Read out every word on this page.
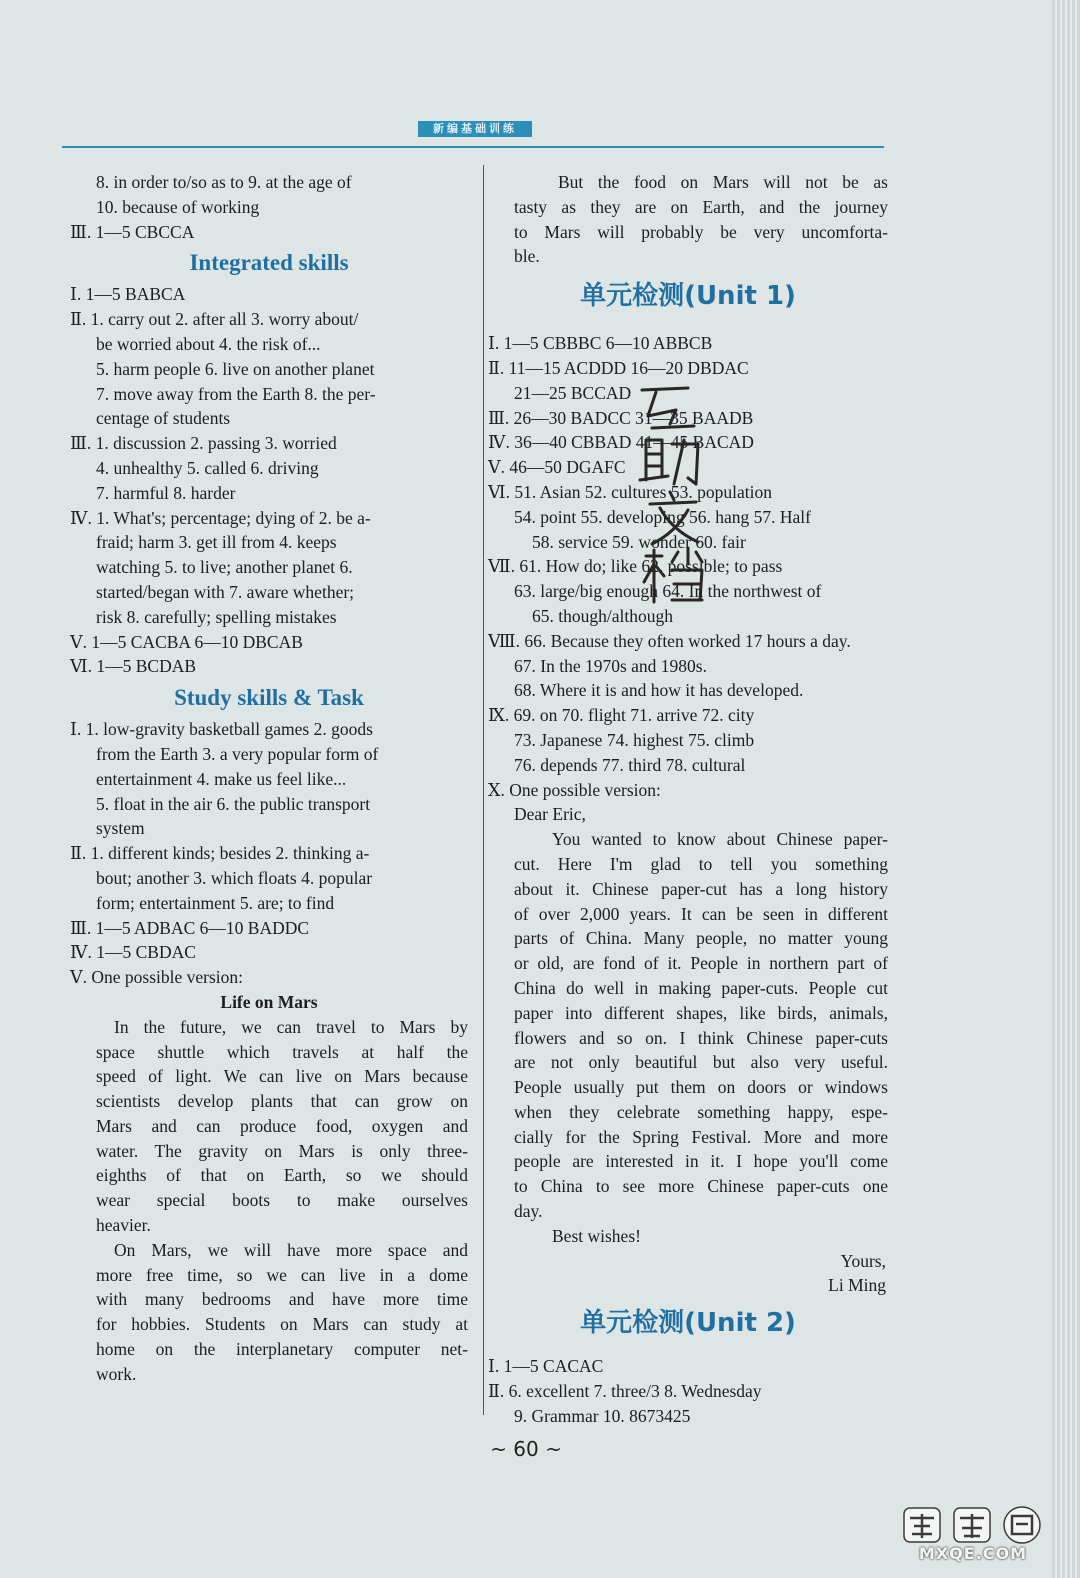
新编基础训练
8. in order to/so as to 9. at the age of
10. because of working
Ⅲ. 1—5 CBCCA
Integrated skills
Ⅰ. 1—5 BABCA
Ⅱ. 1. carry out 2. after all 3. worry about/
be worried about 4. the risk of...
5. harm people 6. live on another planet
7. move away from the Earth 8. the per-
centage of students
Ⅲ. 1. discussion 2. passing 3. worried
4. unhealthy 5. called 6. driving
7. harmful 8. harder
Ⅳ. 1. What's; percentage; dying of 2. be a-
fraid; harm 3. get ill from 4. keeps
watching 5. to live; another planet 6.
started/began with 7. aware whether;
risk 8. carefully; spelling mistakes
Ⅴ. 1—5 CACBA 6—10 DBCAB
Ⅵ. 1—5 BCDAB
Study skills & Task
Ⅰ. 1. low-gravity basketball games 2. goods
from the Earth 3. a very popular form of
entertainment 4. make us feel like...
5. float in the air 6. the public transport
system
Ⅱ. 1. different kinds; besides 2. thinking a-
bout; another 3. which floats 4. popular
form; entertainment 5. are; to find
Ⅲ. 1—5 ADBAC 6—10 BADDC
Ⅳ. 1—5 CBDAC
Ⅴ. One possible version:
Life on Mars
In the future, we can travel to Mars by
space shuttle which travels at half the
speed of light. We can live on Mars because
scientists develop plants that can grow on
Mars and can produce food, oxygen and
water. The gravity on Mars is only three-
eighths of that on Earth, so we should
wear special boots to make ourselves
heavier.
On Mars, we will have more space and
more free time, so we can live in a dome
with many bedrooms and have more time
for hobbies. Students on Mars can study at
home on the interplanetary computer net-
work.
But the food on Mars will not be as
tasty as they are on Earth, and the journey
to Mars will probably be very uncomforta-
ble.
单元检测(Unit 1)
Ⅰ. 1—5 CBBBC 6—10 ABBCB
Ⅱ. 11—15 ACDDD 16—20 DBDAC
21—25 BCCAD
Ⅲ. 26—30 BADCC 31—35 BAADB
Ⅳ. 36—40 CBBAD 41—45 BACAD
Ⅴ. 46—50 DGAFC
Ⅵ. 51. Asian 52. cultures 53. population
54. point 55. developing 56. hang 57. Half
58. service 59. wonder 60. fair
Ⅶ. 61. How do; like 62. possible; to pass
63. large/big enough 64. In the northwest of
65. though/although
Ⅷ. 66. Because they often worked 17 hours a day.
67. In the 1970s and 1980s.
68. Where it is and how it has developed.
Ⅸ. 69. on 70. flight 71. arrive 72. city
73. Japanese 74. highest 75. climb
76. depends 77. third 78. cultural
Ⅹ. One possible version:
Dear Eric,
You wanted to know about Chinese paper-
cut. Here I'm glad to tell you something
about it. Chinese paper-cut has a long history
of over 2,000 years. It can be seen in different
parts of China. Many people, no matter young
or old, are fond of it. People in northern part of
China do well in making paper-cuts. People cut
paper into different shapes, like birds, animals,
flowers and so on. I think Chinese paper-cuts
are not only beautiful but also very useful.
People usually put them on doors or windows
when they celebrate something happy, espe-
cially for the Spring Festival. More and more
people are interested in it. I hope you'll come
to China to see more Chinese paper-cuts one
day.
Best wishes!
Yours,
Li Ming
单元检测(Unit 2)
Ⅰ. 1—5 CACAC
Ⅱ. 6. excellent 7. three/3 8. Wednesday
9. Grammar 10. 8673425
~ 60 ~
MXQE.COM
